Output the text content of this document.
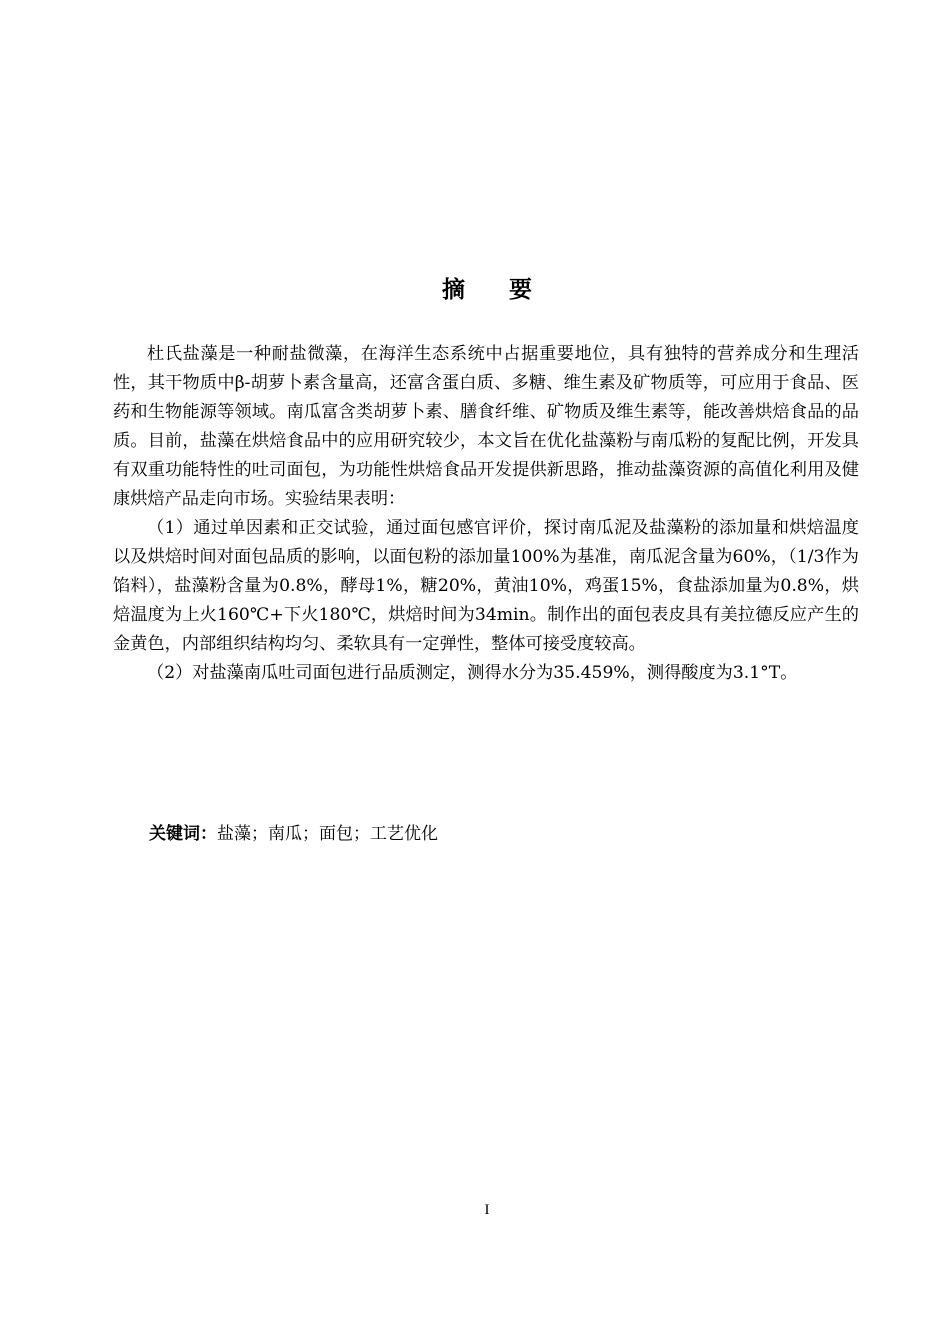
摘 要

杜氏盐藻是一种耐盐微藻，在海洋生态系统中占据重要地位，具有独特的营养成分和生理活性，其干物质中β-胡萝卜素含量高，还富含蛋白质、多糖、维生素及矿物质等，可应用于食品、医药和生物能源等领域。南瓜富含类胡萝卜素、膳食纤维、矿物质及维生素等，能改善烘焙食品的品质。目前，盐藻在烘焙食品中的应用研究较少，本文旨在优化盐藻粉与南瓜粉的复配比例，开发具有双重功能特性的吐司面包，为功能性烘焙食品开发提供新思路，推动盐藻资源的高值化利用及健康烘焙产品走向市场。实验结果表明：

（1）通过单因素和正交试验，通过面包感官评价，探讨南瓜泥及盐藻粉的添加量和烘焙温度以及烘焙时间对面包品质的影响，以面包粉的添加量100%为基准，南瓜泥含量为60%，（1/3作为馅料），盐藻粉含量为0.8%，酵母1%，糖20%，黄油10%，鸡蛋15%，食盐添加量为0.8%，烘焙温度为上火160℃+下火180℃，烘焙时间为34min。制作出的面包表皮具有美拉德反应产生的金黄色，内部组织结构均匀、柔软具有一定弹性，整体可接受度较高。

（2）对盐藻南瓜吐司面包进行品质测定，测得水分为35.459%，测得酸度为3.1°T。

关键词：盐藻；南瓜；面包；工艺优化
I
